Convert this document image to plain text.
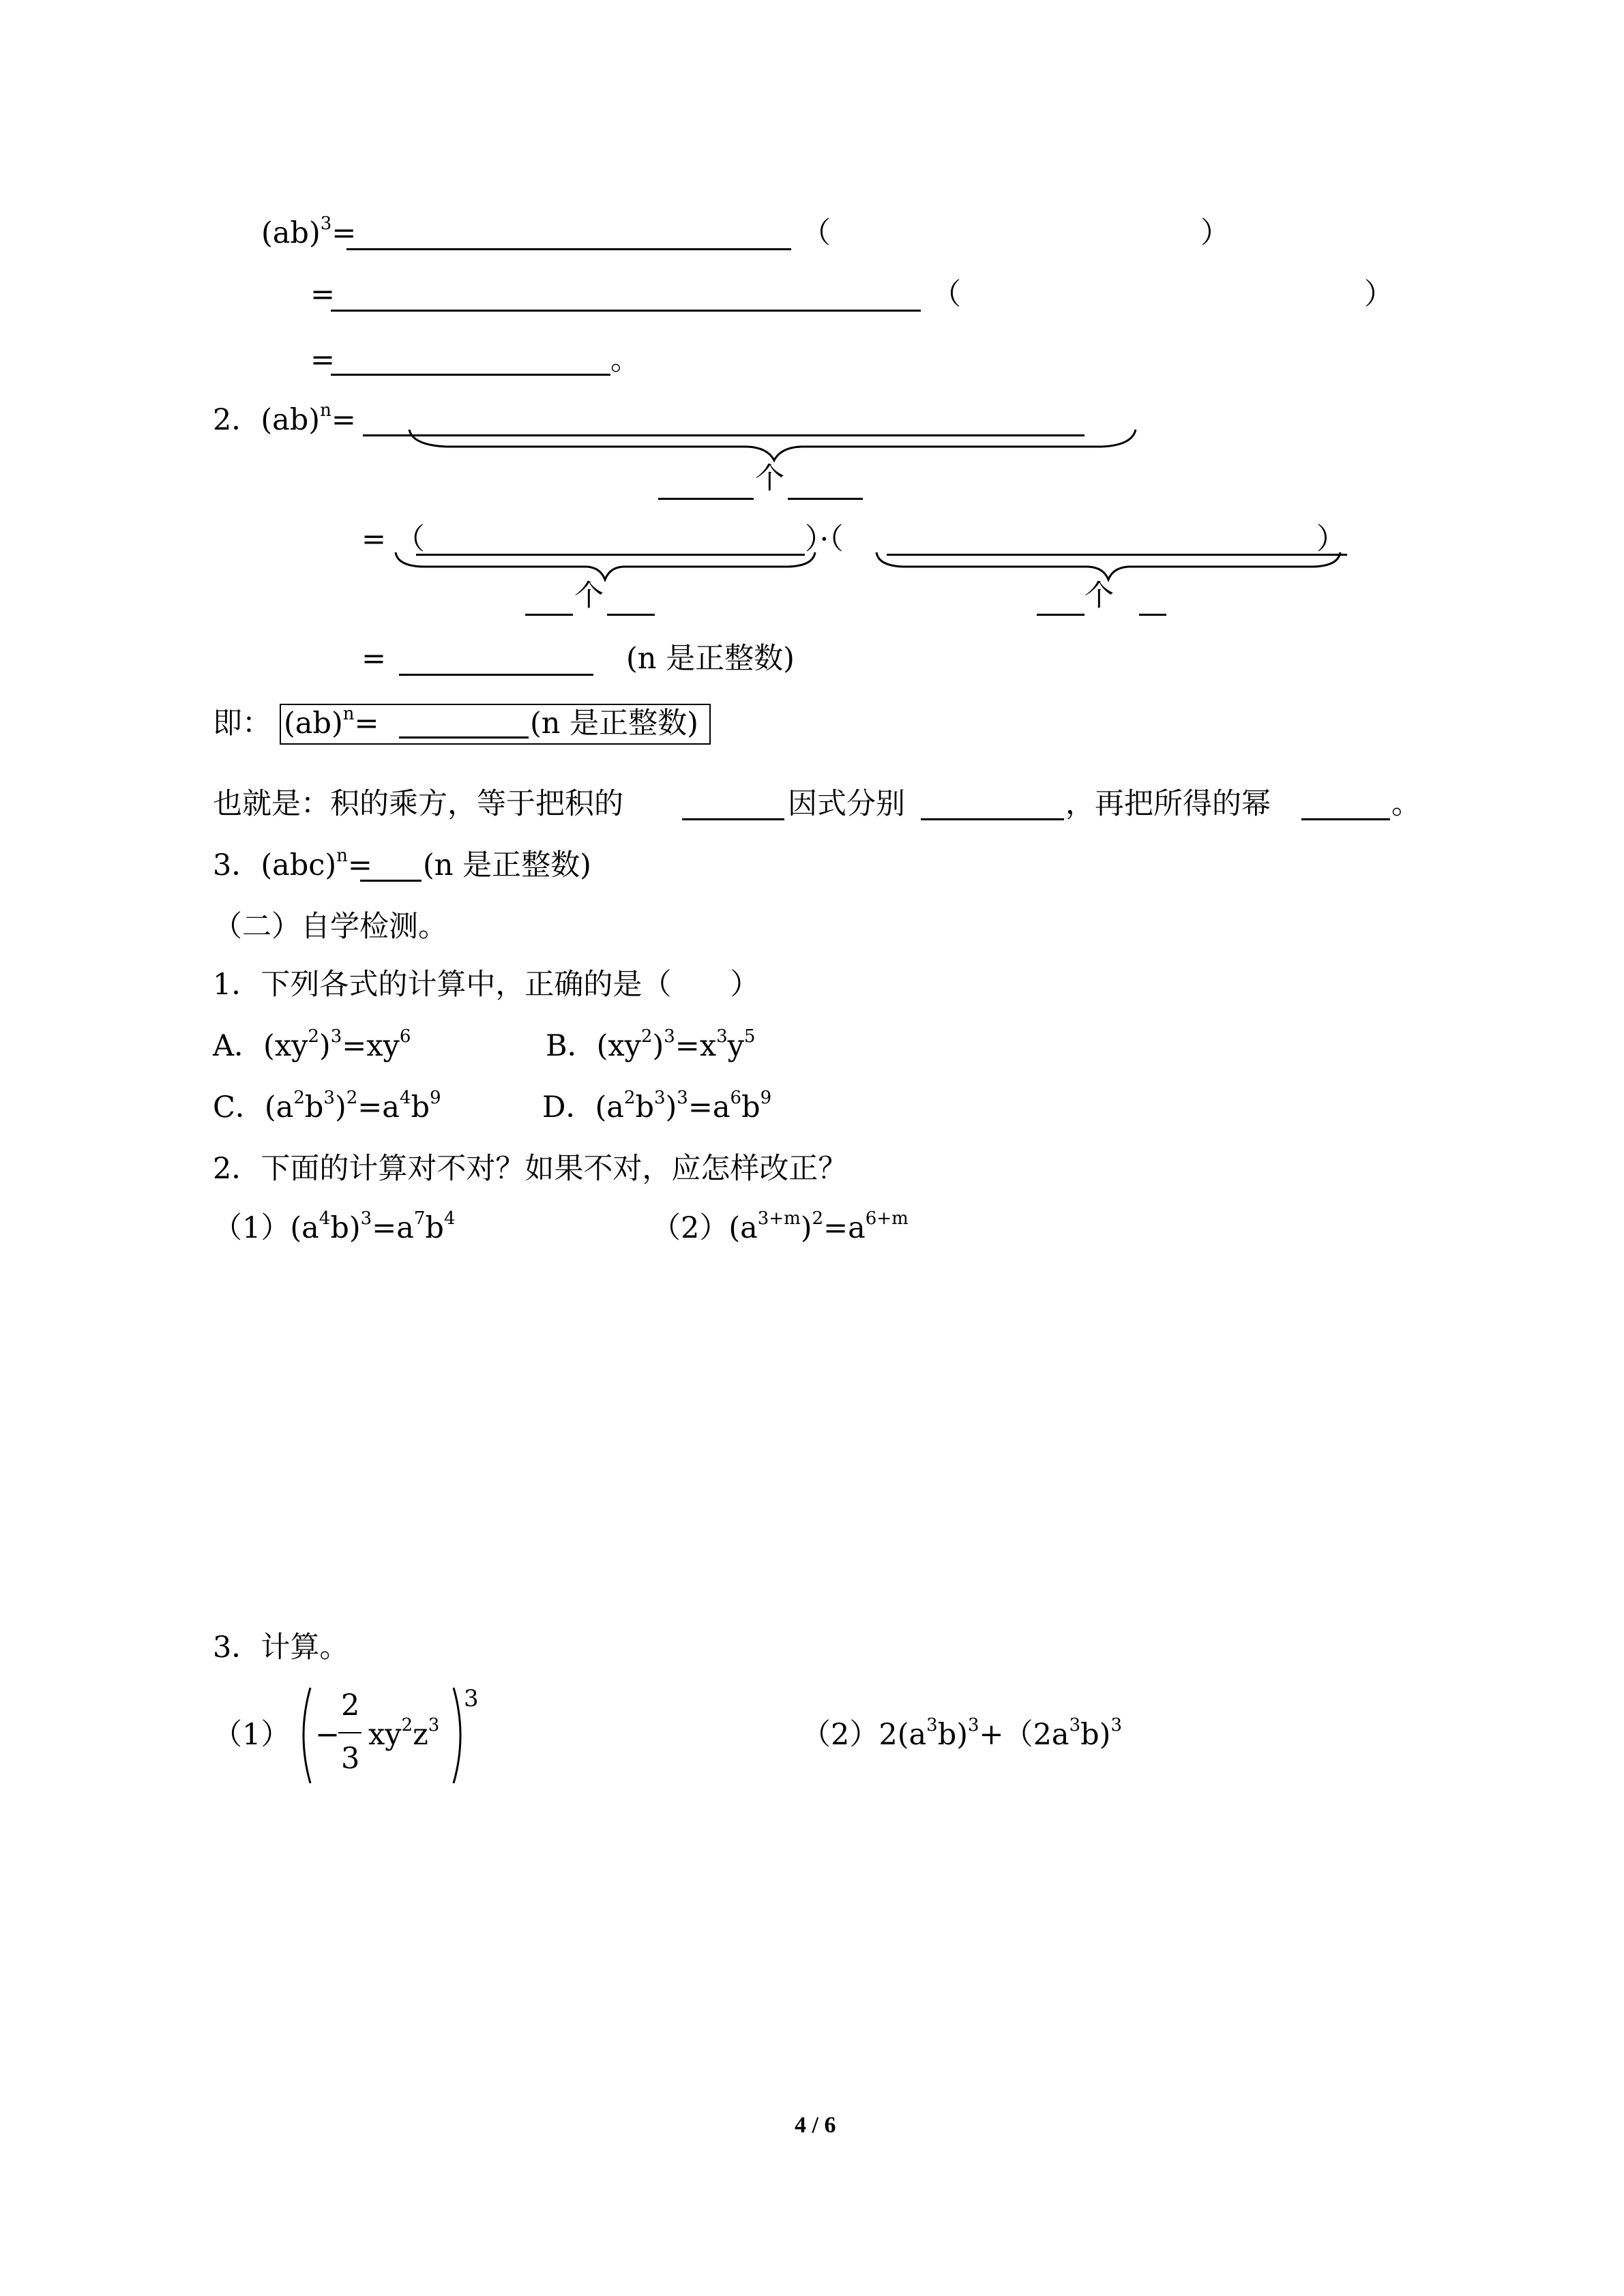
(ab)$^3$=	（	）
=	（	）
=	。
2．(ab)$^n$=
个
= （	）·（	）
个	个
=	(n 是正整数)
即： (ab)$^n$=	(n 是正整数)
也就是：积的乘方，等于把积的	因式分别	，再把所得的幂	。
3．(abc)$^n$= (n 是正整数)
（二）自学检测。
1．下列各式的计算中，正确的是（　　）
A．$(xy^2)^3=xy^6$	B．$(xy^2)^3=x^3y^5$
C．$(a^2b^3)^2=a^4b^9$	D．$(a^2b^3)^3=a^6b^9$
2．下面的计算对不对？如果不对，应怎样改正？
$(1)(a^4b)^3=a^7b^4$	$(2)(a^{3+m})^2=a^{6+m}$
3．计算。
（1） −
2
3
$xy^2z^3$
3
$(2)2(a^3b)^3+(2a^3b)^3$
4 / 6
